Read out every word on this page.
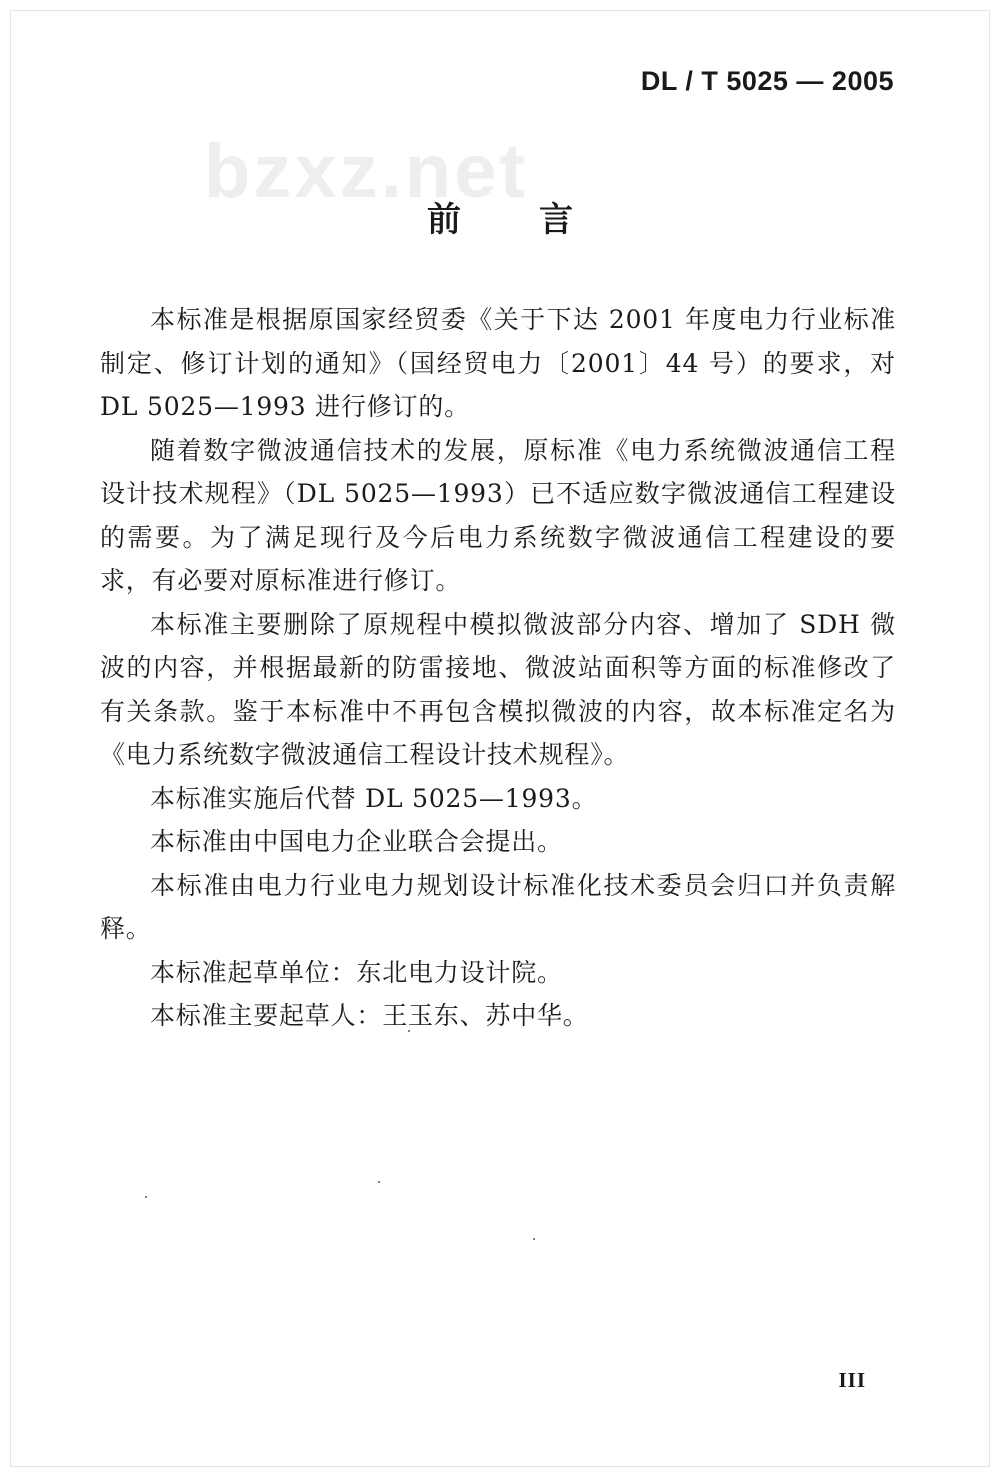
DL / T 5025 — 2005
bzxz.net
前言

本标准是根据原国家经贸委《关于下达 2001 年度电力行业标准制定、修订计划的通知》（国经贸电力〔2001〕44 号）的要求，对 DL 5025—1993 进行修订的。

随着数字微波通信技术的发展，原标准《电力系统微波通信工程设计技术规程》（DL 5025—1993）已不适应数字微波通信工程建设的需要。为了满足现行及今后电力系统数字微波通信工程建设的要求，有必要对原标准进行修订。

本标准主要删除了原规程中模拟微波部分内容、增加了 SDH 微波的内容，并根据最新的防雷接地、微波站面积等方面的标准修改了有关条款。鉴于本标准中不再包含模拟微波的内容，故本标准定名为《电力系统数字微波通信工程设计技术规程》。

本标准实施后代替 DL 5025—1993。

本标准由中国电力企业联合会提出。

本标准由电力行业电力规划设计标准化技术委员会归口并负责解释。

本标准起草单位：东北电力设计院。

本标准主要起草人：王玉东、苏中华。

III
